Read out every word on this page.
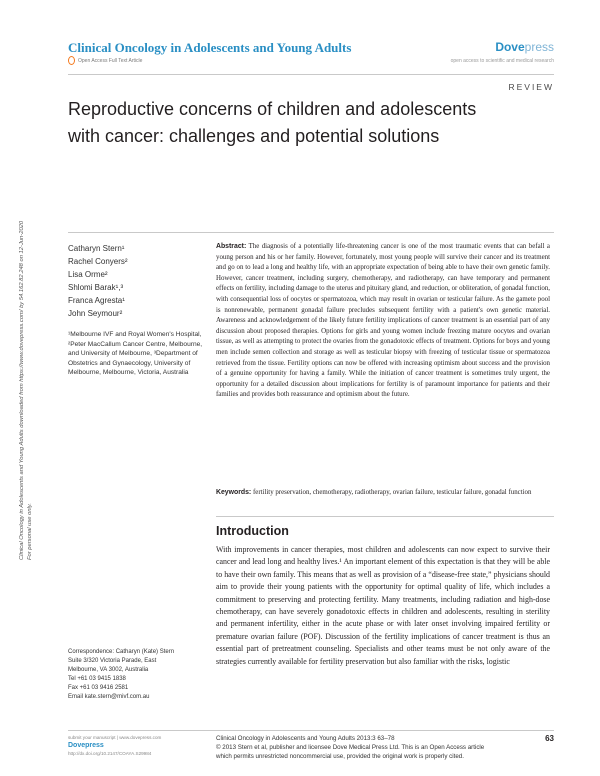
Clinical Oncology in Adolescents and Young Adults	Dovepress
open access to scientific and medical research
Open Access Full Text Article
REVIEW
Reproductive concerns of children and adolescents with cancer: challenges and potential solutions
Catharyn Stern¹
Rachel Conyers²
Lisa Orme²
Shlomi Barak¹,³
Franca Agresta¹
John Seymour²
¹Melbourne IVF and Royal Women's Hospital, ²Peter MacCallum Cancer Centre, Melbourne, and University of Melbourne, ³Department of Obstetrics and Gynaecology, University of Melbourne, Melbourne, Victoria, Australia
Abstract: The diagnosis of a potentially life-threatening cancer is one of the most traumatic events that can befall a young person and his or her family. However, fortunately, most young people will survive their cancer and its treatment and go on to lead a long and healthy life, with an appropriate expectation of being able to have their own genetic family. However, cancer treatment, including surgery, chemotherapy, and radiotherapy, can have temporary and permanent effects on fertility, including damage to the uterus and pituitary gland, and reduction, or obliteration, of gonadal function, with consequential loss of oocytes or spermatozoa, which may result in ovarian or testicular failure. As the gamete pool is nonrenewable, permanent gonadal failure precludes subsequent fertility with a patient's own genetic material. Awareness and acknowledgement of the likely future fertility implications of cancer treatment is an essential part of any discussion about proposed therapies. Options for girls and young women include freezing mature oocytes and ovarian tissue, as well as attempting to protect the ovaries from the gonadotoxic effects of treatment. Options for boys and young men include semen collection and storage as well as testicular biopsy with freezing of testicular tissue or spermatozoa retrieved from the tissue. Fertility options can now be offered with increasing optimism about success and the provision of a genuine opportunity for having a family. While the initiation of cancer treatment is sometimes truly urgent, the opportunity for a detailed discussion about implications for fertility is of paramount importance for patients and their families and provides both reassurance and optimism about the future.
Keywords: fertility preservation, chemotherapy, radiotherapy, ovarian failure, testicular failure, gonadal function
Introduction
With improvements in cancer therapies, most children and adolescents can now expect to survive their cancer and lead long and healthy lives.¹ An important element of this expectation is that they will be able to have their own family. This means that as well as provision of a “disease-free state,” physicians should aim to provide their young patients with the opportunity for optimal quality of life, which includes a commitment to preserving and protecting fertility. Many treatments, including radiation and high-dose chemotherapy, can have severely gonadotoxic effects in children and adolescents, resulting in sterility and permanent infertility, either in the acute phase or with later onset involving impaired fertility or premature ovarian failure (POF). Discussion of the fertility implications of cancer treatment is thus an essential part of pretreatment counseling. Specialists and other teams must be not only aware of the strategies currently available for fertility preservation but also familiar with the risks, logistic
Correspondence: Catharyn (Kate) Stern
Suite 3/320 Victoria Parade, East
Melbourne, VA 3002, Australia
Tel +61 03 9415 1838
Fax +61 03 9416 2581
Email kate.stern@mivf.com.au
Clinical Oncology in Adolescents and Young Adults downloaded from https://www.dovepress.com/ by 54.162.82.248 on 12-Jun-2020 For personal use only.
submit your manuscript | www.dovepress.com
Dovepress
http://dx.doi.org/10.2147/COAYA.S29984
Clinical Oncology in Adolescents and Young Adults 2013:3 63–78
© 2013 Stern et al, publisher and licensee Dove Medical Press Ltd. This is an Open Access article
which permits unrestricted noncommercial use, provided the original work is properly cited.
63
